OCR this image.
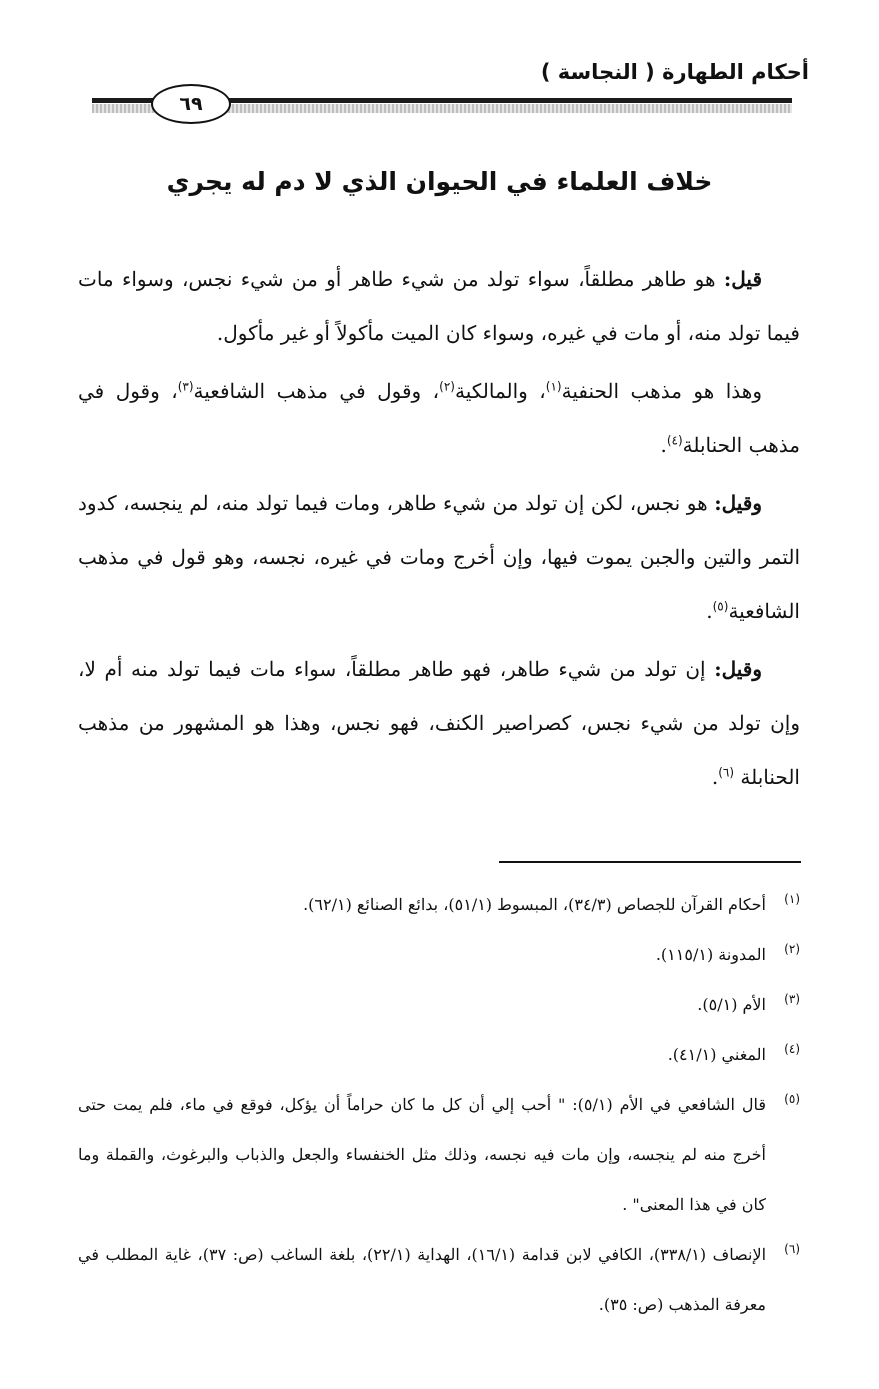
أحكام الطهارة ( النجاسة )
٦٩
خلاف العلماء في الحيوان الذي لا دم له يجري

قيل: هو طاهر مطلقاً، سواء تولد من شيء طاهر أو من شيء نجس، وسواء مات فيما تولد منه، أو مات في غيره، وسواء كان الميت مأكولاً أو غير مأكول.

وهذا هو مذهب الحنفية$^{(١)}$، والمالكية$^{(٢)}$، وقول في مذهب الشافعية$^{(٣)}$، وقول في مذهب الحنابلة$^{(٤)}$.

وقيل: هو نجس، لكن إن تولد من شيء طاهر، ومات فيما تولد منه، لم ينجسه، كدود التمر والتين والجبن يموت فيها، وإن أخرج ومات في غيره، نجسه، وهو قول في مذهب الشافعية$^{(٥)}$.

وقيل: إن تولد من شيء طاهر، فهو طاهر مطلقاً، سواء مات فيما تولد منه أم لا، وإن تولد من شيء نجس، كصراصير الكنف، فهو نجس، وهذا هو المشهور من مذهب الحنابلة $^{(٦)}$.

(١)
أحكام القرآن للجصاص (٣٤/٣)، المبسوط (٥١/١)، بدائع الصنائع (٦٢/١).

(٢)
المدونة (١١٥/١).

(٣)
الأم (٥/١).

(٤)
المغني (٤١/١).

(٥)
قال الشافعي في الأم (٥/١): " أحب إلي أن كل ما كان حراماً أن يؤكل، فوقع في ماء، فلم يمت حتى أخرج منه لم ينجسه، وإن مات فيه نجسه، وذلك مثل الخنفساء والجعل والذباب والبرغوث، والقملة وما كان في هذا المعنى" .

(٦)
الإنصاف (٣٣٨/١)، الكافي لابن قدامة (١٦/١)، الهداية (٢٢/١)، بلغة الساغب (ص: ٣٧)، غاية المطلب في معرفة المذهب (ص: ٣٥).
